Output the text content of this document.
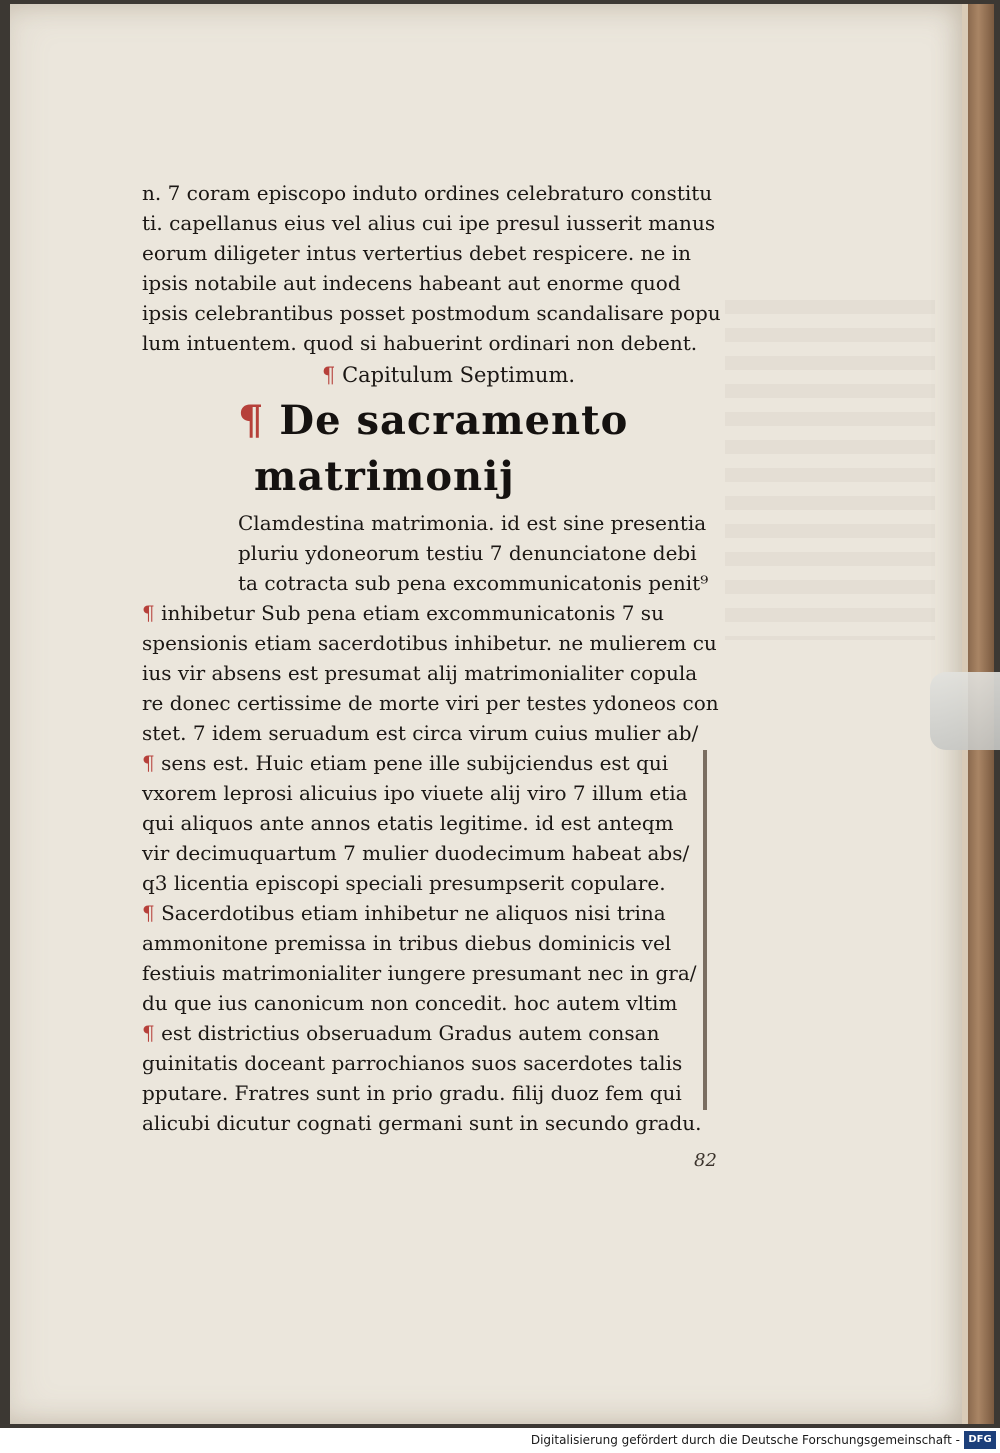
n. 7 coram episcopo induto ordines celebraturo constitu
ti. capellanus eius vel alius cui ipe presul iusserit manus
eorum diligeter intus vertertius debet respicere. ne in
ipsis notabile aut indecens habeant aut enorme quod
ipsis celebrantibus posset postmodum scandalisare popu
lum intuentem. quod si habuerint ordinari non debent.
¶ Capitulum Septimum.
¶ De sacramento
matrimonij
Clamdestina matrimonia. id est sine presentia
pluriu ydoneorum testiu 7 denunciatone debi
ta cotracta sub pena excommunicatonis penit⁹
¶ inhibetur Sub pena etiam excommunicatonis 7 su
spensionis etiam sacerdotibus inhibetur. ne mulierem cu
ius vir absens est presumat alij matrimonialiter copula
re donec certissime de morte viri per testes ydoneos con
stet. 7 idem seruadum est circa virum cuius mulier ab/
¶ sens est. Huic etiam pene ille subijciendus est qui
vxorem leprosi alicuius ipo viuete alij viro 7 illum etia
qui aliquos ante annos etatis legitime. id est anteqm
vir decimuquartum 7 mulier duodecimum habeat abs/
q3 licentia episcopi speciali presumpserit copulare.
¶ Sacerdotibus etiam inhibetur ne aliquos nisi trina
ammonitone premissa in tribus diebus dominicis vel
festiuis matrimonialiter iungere presumant nec in gra/
du que ius canonicum non concedit. hoc autem vltim
¶ est districtius obseruadum Gradus autem consan
guinitatis doceant parrochianos suos sacerdotes talis
pputare. Fratres sunt in prio gradu. filij duoz fem qui
alicubi dicutur cognati germani sunt in secundo gradu.
82
Digitalisierung gefördert durch die Deutsche Forschungsgemeinschaft - DFG
